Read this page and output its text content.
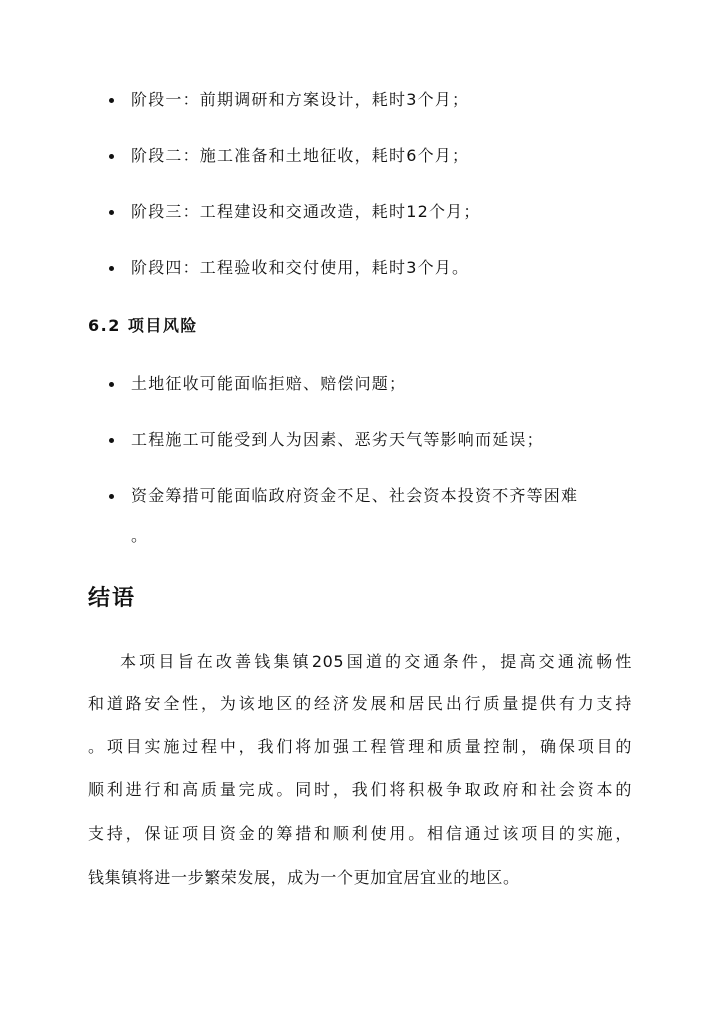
阶段一：前期调研和方案设计，耗时3个月；
阶段二：施工准备和土地征收，耗时6个月；
阶段三：工程建设和交通改造，耗时12个月；
阶段四：工程验收和交付使用，耗时3个月。
6.2 项目风险
土地征收可能面临拒赔、赔偿问题；
工程施工可能受到人为因素、恶劣天气等影响而延误；
资金筹措可能面临政府资金不足、社会资本投资不齐等困难
。
结语
本项目旨在改善钱集镇205国道的交通条件，提高交通流畅性
和道路安全性，为该地区的经济发展和居民出行质量提供有力支持
。项目实施过程中，我们将加强工程管理和质量控制，确保项目的
顺利进行和高质量完成。同时，我们将积极争取政府和社会资本的
支持，保证项目资金的筹措和顺利使用。相信通过该项目的实施，
钱集镇将进一步繁荣发展，成为一个更加宜居宜业的地区。
